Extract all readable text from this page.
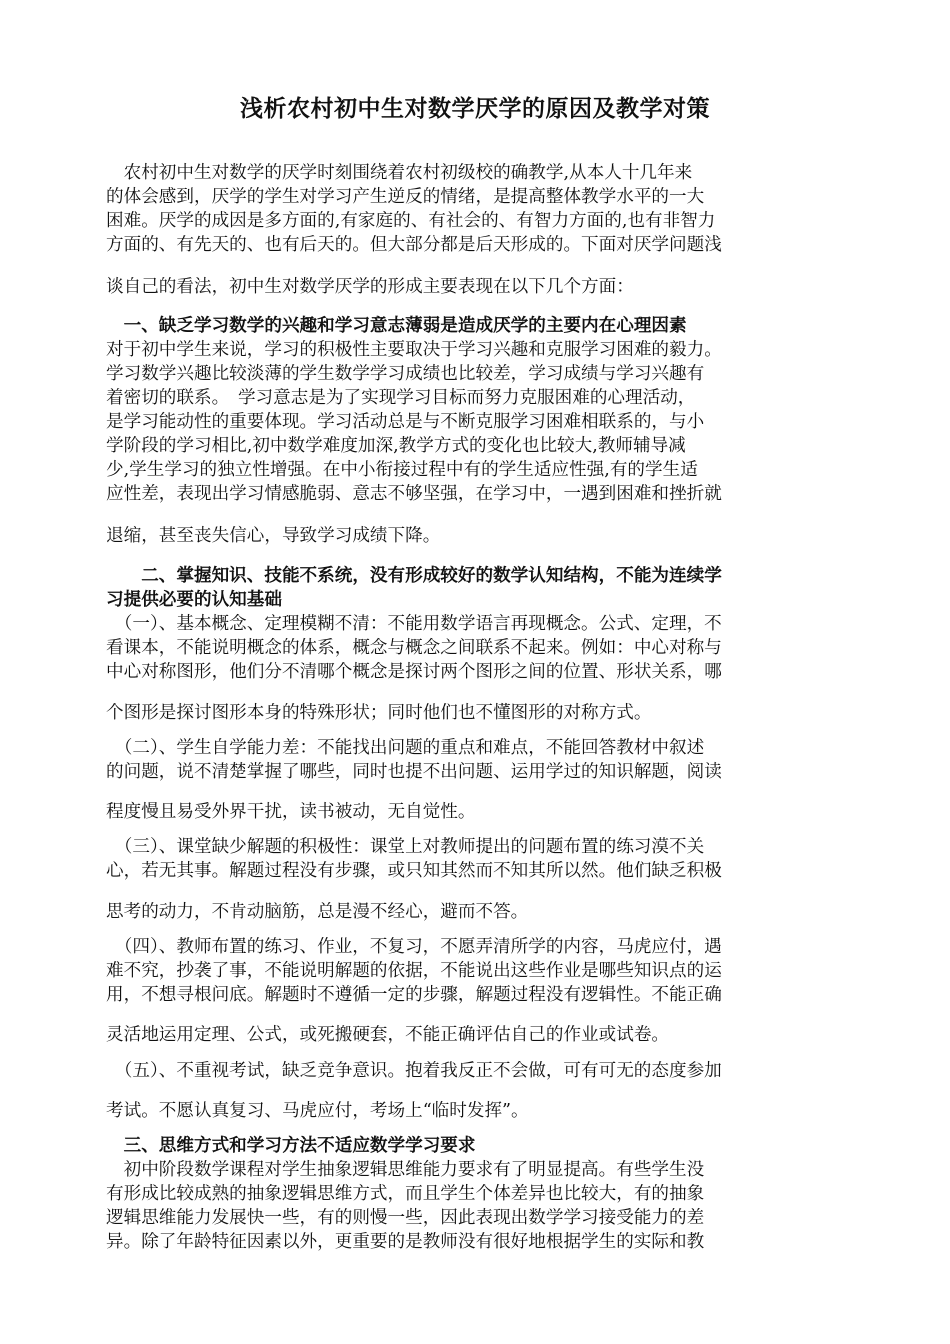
浅析农村初中生对数学厌学的原因及教学对策
　农村初中生对数学的厌学时刻围绕着农村初级校的确教学,从本人十几年来
的体会感到，厌学的学生对学习产生逆反的情绪，是提高整体教学水平的一大
困难。厌学的成因是多方面的,有家庭的、有社会的、有智力方面的,也有非智力
方面的、有先天的、也有后天的。但大部分都是后天形成的。下面对厌学问题浅
谈自己的看法，初中生对数学厌学的形成主要表现在以下几个方面：
　一、缺乏学习数学的兴趣和学习意志薄弱是造成厌学的主要内在心理因素
对于初中学生来说，学习的积极性主要取决于学习兴趣和克服学习困难的毅力。
学习数学兴趣比较淡薄的学生数学学习成绩也比较差，学习成绩与学习兴趣有
着密切的联系。　学习意志是为了实现学习目标而努力克服困难的心理活动，
是学习能动性的重要体现。学习活动总是与不断克服学习困难相联系的，与小
学阶段的学习相比,初中数学难度加深,教学方式的变化也比较大,教师辅导减
少,学生学习的独立性增强。在中小衔接过程中有的学生适应性强,有的学生适
应性差，表现出学习情感脆弱、意志不够坚强，在学习中，一遇到困难和挫折就
退缩，甚至丧失信心，导致学习成绩下降。
　　二、掌握知识、技能不系统，没有形成较好的数学认知结构，不能为连续学
习提供必要的认知基础
　（一）、基本概念、定理模糊不清：不能用数学语言再现概念。公式、定理，不
看课本，不能说明概念的体系，概念与概念之间联系不起来。例如：中心对称与
中心对称图形，他们分不清哪个概念是探讨两个图形之间的位置、形状关系，哪
个图形是探讨图形本身的特殊形状；同时他们也不懂图形的对称方式。
　（二）、学生自学能力差：不能找出问题的重点和难点，不能回答教材中叙述
的问题，说不清楚掌握了哪些，同时也提不出问题、运用学过的知识解题，阅读
程度慢且易受外界干扰，读书被动，无自觉性。
　（三）、课堂缺少解题的积极性：课堂上对教师提出的问题布置的练习漠不关
心，若无其事。解题过程没有步骤，或只知其然而不知其所以然。他们缺乏积极
思考的动力，不肯动脑筋，总是漫不经心，避而不答。
　（四）、教师布置的练习、作业，不复习，不愿弄清所学的内容，马虎应付，遇
难不究，抄袭了事，不能说明解题的依据，不能说出这些作业是哪些知识点的运
用，不想寻根问底。解题时不遵循一定的步骤，解题过程没有逻辑性。不能正确
灵活地运用定理、公式，或死搬硬套，不能正确评估自己的作业或试卷。
　（五）、不重视考试，缺乏竞争意识。抱着我反正不会做，可有可无的态度参加
考试。不愿认真复习、马虎应付，考场上“临时发挥”。
　三、思维方式和学习方法不适应数学学习要求
　初中阶段数学课程对学生抽象逻辑思维能力要求有了明显提高。有些学生没
有形成比较成熟的抽象逻辑思维方式，而且学生个体差异也比较大，有的抽象
逻辑思维能力发展快一些，有的则慢一些，因此表现出数学学习接受能力的差
异。除了年龄特征因素以外，更重要的是教师没有很好地根据学生的实际和教
